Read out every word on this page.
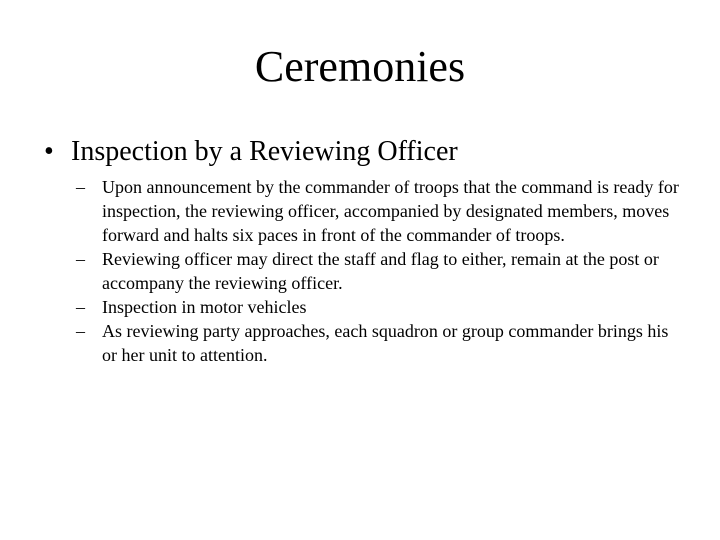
Ceremonies
• Inspection by a Reviewing Officer
– Upon announcement by the commander of troops that the command is ready for inspection, the reviewing officer, accompanied by designated members, moves forward and halts six paces in front of the commander of troops.
– Reviewing officer may direct the staff and flag to either, remain at the post or accompany the reviewing officer.
– Inspection in motor vehicles
– As reviewing party approaches, each squadron or group commander brings his or her unit to attention.
